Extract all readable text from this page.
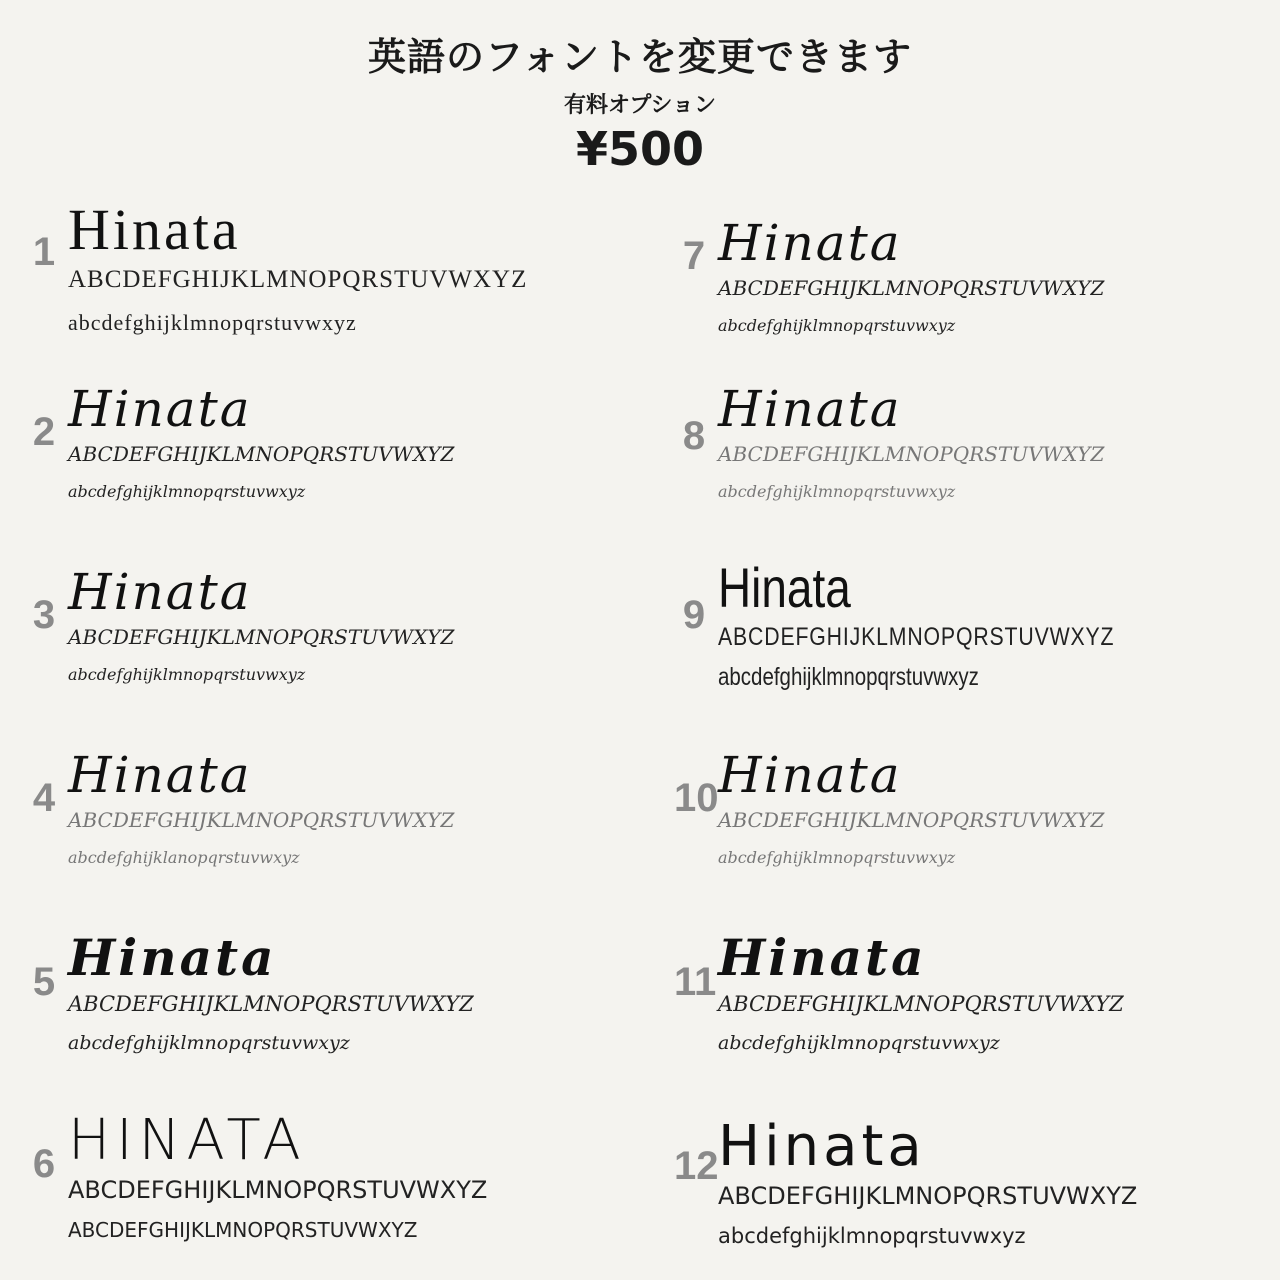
英語のフォントを変更できます
有料オプション
¥500
1 Hinata
ABCDEFGHIJKLMNOPQRSTUVWXYZ
abcdefghijklmnopqrstuvwxyz
2 Hinata
ABCDEFGHIJKLMNOPQRSTUVWXYZ
abcdefghijklmnopqrstuvwxyz
3 Hinata
ABCDEFGHIJKLMNOPQRSTUVWXYZ
abcdefghijklmnopqrstuvwxyz
4 Hinata
ABCDEFGHIJKLMNOPQRSTUVWXYZ
abcdefghijklanopqrstuvwxyz
5 Hinata
ABCDEFGHIJKLMNOPQRSTUVWXYZ
abcdefghijklmnopqrstuvwxyz
6 HINATA
ABCDEFGHIJKLMNOPQRSTUVWXYZ
ABCDEFGHIJKLMNOPQRSTUVWXYZ
7 Hinata
ABCDEFGHIJKLMNOPQRSTUVWXYZ
abcdefghijklmnopqrstuvwxyz
8 Hinata
ABCDEFGHIJKLMNOPQRSTUVWXYZ
abcdefghijklmnopqrstuvwxyz
9 Hinata
ABCDEFGHIJKLMNOPQRSTUVWXYZ
abcdefghijklmnopqrstuvwxyz
10 Hinata
ABCDEFGHIJKLMNOPQRSTUVWXYZ
abcdefghijklmnopqrstuvwxyz
11 Hinata
ABCDEFGHIJKLMNOPQRSTUVWXYZ
abcdefghijklmnopqrstuvwxyz
12 Hinata
ABCDEFGHIJKLMNOPQRSTUVWXYZ
abcdefghijklmnopqrstuvwxyz
